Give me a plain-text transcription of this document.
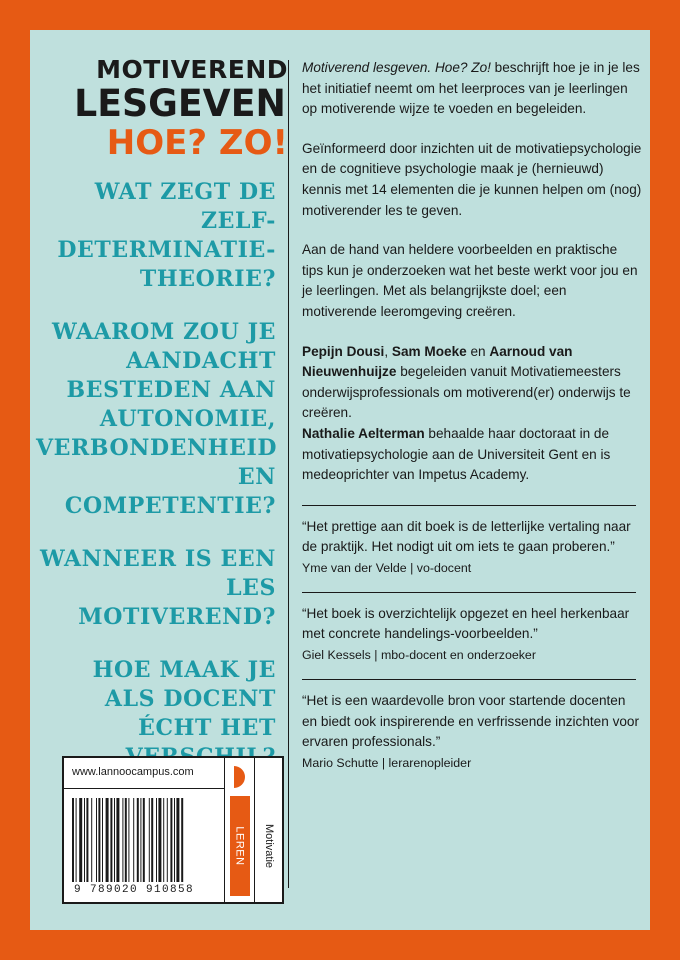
MOTIVEREND
LESGEVEN
HOE? ZO!
WAT ZEGT DE ZELF-DETERMINATIE-THEORIE?
WAAROM ZOU JE AANDACHT BESTEDEN AAN AUTONOMIE, VERBONDENHEID EN COMPETENTIE?
WANNEER IS EEN LES MOTIVEREND?
HOE MAAK JE ALS DOCENT ÉCHT HET
www.lannoocampus.com
9 789020 910858
LEREN Motivatie
Motiverend lesgeven. Hoe? Zo! beschrijft hoe je in je les het initiatief neemt om het leerproces van je leerlingen op motiverende wijze te voeden en begeleiden.
Geïnformeerd door inzichten uit de motivatiepsychologie en de cognitieve psychologie maak je (hernieuwd) kennis met 14 elementen die je kunnen helpen om (nog) motiverender les te geven.
Aan de hand van heldere voorbeelden en praktische tips kun je onderzoeken wat het beste werkt voor jou en je leerlingen. Met als belangrijkste doel; een motiverende leeromgeving creëren.
Pepijn Dousi, Sam Moeke en Aarnoud van Nieuwenhuijze begeleiden vanuit Motivatiemeesters onderwijsprofessionals om motiverend(er) onderwijs te creëren.
Nathalie Aelterman behaalde haar doctoraat in de motivatiepsychologie aan de Universiteit Gent en is medeoprichter van Impetus Academy.
“Het prettige aan dit boek is de letterlijke vertaling naar de praktijk. Het nodigt uit om iets te gaan proberen.”
Yme van der Velde | vo-docent
“Het boek is overzichtelijk opgezet en heel herkenbaar met concrete handelings-voorbeelden.”
Giel Kessels | mbo-docent en onderzoeker
“Het is een waardevolle bron voor startende docenten en biedt ook inspirerende en verfrissende inzichten voor ervaren professionals.”
Mario Schutte | lerarenopleider
